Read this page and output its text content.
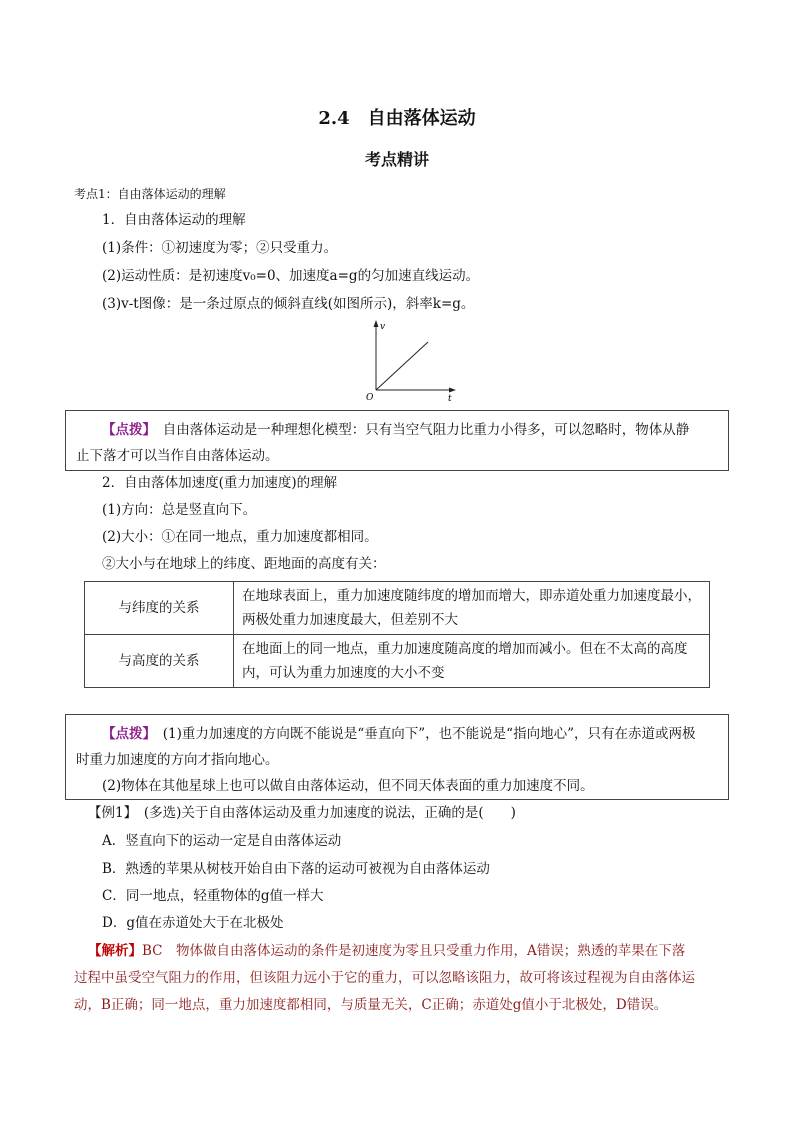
2.4　自由落体运动
考点精讲
考点1：自由落体运动的理解
1．自由落体运动的理解
(1)条件：①初速度为零；②只受重力。
(2)运动性质：是初速度v₀=0、加速度a=g的匀加速直线运动。
(3)v-t图像：是一条过原点的倾斜直线(如图所示)，斜率k=g。
v
t
O
【点拨】　自由落体运动是一种理想化模型：只有当空气阻力比重力小得多，可以忽略时，物体从静
止下落才可以当作自由落体运动。
2．自由落体加速度(重力加速度)的理解
(1)方向：总是竖直向下。
(2)大小：①在同一地点，重力加速度都相同。
②大小与在地球上的纬度、距地面的高度有关：
与纬度的关系	在地球表面上，重力加速度随纬度的增加而增大，即赤道处重力加速度最小，
两极处重力加速度最大，但差别不大

与高度的关系	在地面上的同一地点，重力加速度随高度的增加而减小。但在不太高的高度
内，可认为重力加速度的大小不变
【点拨】　(1)重力加速度的方向既不能说是“垂直向下”，也不能说是“指向地心”，只有在赤道或两极
时重力加速度的方向才指向地心。
(2)物体在其他星球上也可以做自由落体运动，但不同天体表面的重力加速度不同。
【例1】　(多选)关于自由落体运动及重力加速度的说法，正确的是(　　)
A．竖直向下的运动一定是自由落体运动
B．熟透的苹果从树枝开始自由下落的运动可被视为自由落体运动
C．同一地点，轻重物体的g值一样大
D．g值在赤道处大于在北极处
【解析】BC　物体做自由落体运动的条件是初速度为零且只受重力作用，A错误；熟透的苹果在下落
过程中虽受空气阻力的作用，但该阻力远小于它的重力，可以忽略该阻力，故可将该过程视为自由落体运
动，B正确；同一地点，重力加速度都相同，与质量无关，C正确；赤道处g值小于北极处，D错误。
